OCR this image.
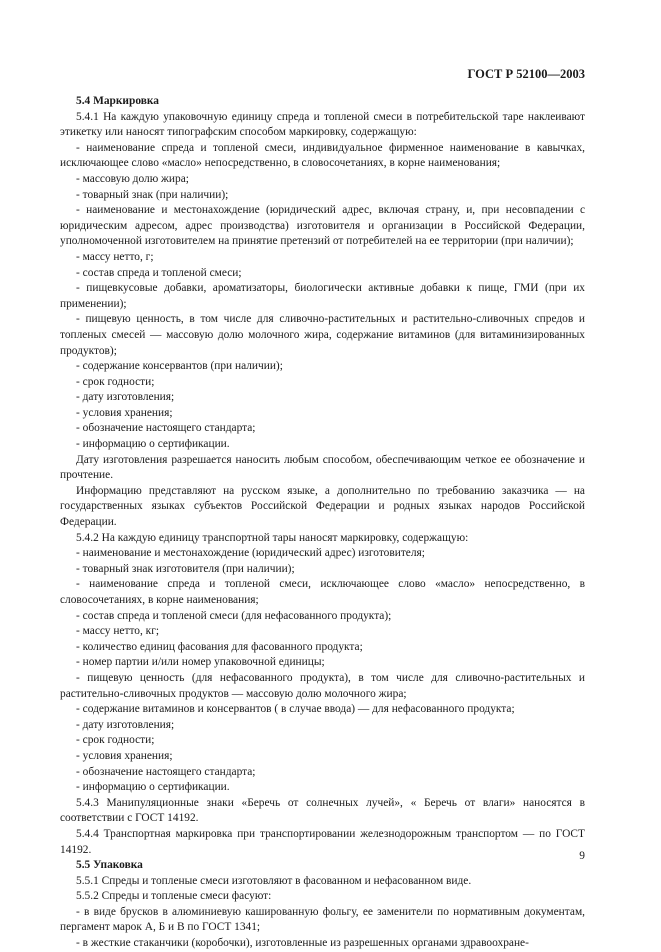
ГОСТ Р 52100—2003

5.4 Маркировка

5.4.1 На каждую упаковочную единицу спреда и топленой смеси в потребительской таре наклеивают этикетку или наносят типографским способом маркировку, содержащую:

- наименование спреда и топленой смеси, индивидуальное фирменное наименование в кавычках, исключающее слово «масло» непосредственно, в словосочетаниях, в корне наименования;

- массовую долю жира;

- товарный знак (при наличии);

- наименование и местонахождение (юридический адрес, включая страну, и, при несовпадении с юридическим адресом, адрес производства) изготовителя и организации в Российской Федерации, уполномоченной изготовителем на принятие претензий от потребителей на ее территории (при наличии);

- массу нетто, г;

- состав спреда и топленой смеси;

- пищевкусовые добавки, ароматизаторы, биологически активные добавки к пище, ГМИ (при их применении);

- пищевую ценность, в том числе для сливочно-растительных и растительно-сливочных спредов и топленых смесей — массовую долю молочного жира, содержание витаминов (для витаминизированных продуктов);

- содержание консервантов (при наличии);

- срок годности;

- дату изготовления;

- условия хранения;

- обозначение настоящего стандарта;

- информацию о сертификации.

Дату изготовления разрешается наносить любым способом, обеспечивающим четкое ее обозначение и прочтение.

Информацию представляют на русском языке, а дополнительно по требованию заказчика — на государственных языках субъектов Российской Федерации и родных языках народов Российской Федерации.

5.4.2 На каждую единицу транспортной тары наносят маркировку, содержащую:

- наименование и местонахождение (юридический адрес) изготовителя;

- товарный знак изготовителя (при наличии);

- наименование спреда и топленой смеси, исключающее слово «масло» непосредственно, в словосочетаниях, в корне наименования;

- состав спреда и топленой смеси (для нефасованного продукта);

- массу нетто, кг;

- количество единиц фасования для фасованного продукта;

- номер партии и/или номер упаковочной единицы;

- пищевую ценность (для нефасованного продукта), в том числе для сливочно-растительных и растительно-сливочных продуктов — массовую долю молочного жира;

- содержание витаминов и консервантов ( в случае ввода) — для нефасованного продукта;

- дату изготовления;

- срок годности;

- условия хранения;

- обозначение настоящего стандарта;

- информацию о сертификации.

5.4.3 Манипуляционные знаки «Беречь от солнечных лучей», « Беречь от влаги» наносятся в соответствии с ГОСТ 14192.

5.4.4 Транспортная маркировка при транспортировании железнодорожным транспортом — по ГОСТ 14192.

5.5 Упаковка

5.5.1 Спреды и топленые смеси изготовляют в фасованном и нефасованном виде.

5.5.2 Спреды и топленые смеси фасуют:

- в виде брусков в алюминиевую кашированную фольгу, ее заменители по нормативным документам, пергамент марок А, Б и В по ГОСТ 1341;

- в жесткие стаканчики (коробочки), изготовленные из разрешенных органами здравоохране-

9
